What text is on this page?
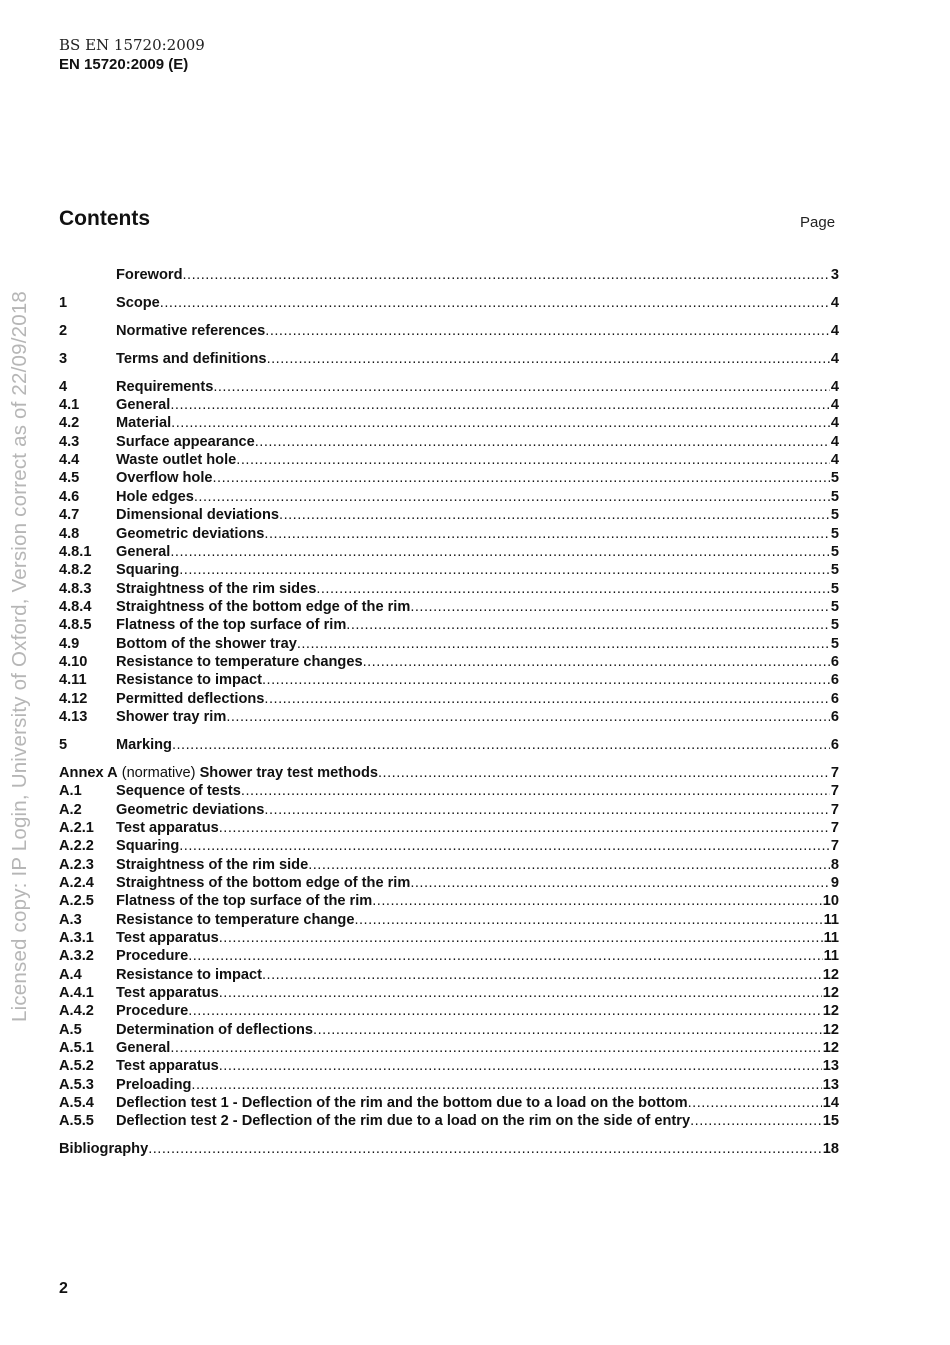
BS EN 15720:2009
EN 15720:2009 (E)
Licensed copy: IP Login, University of Oxford, Version correct as of 22/09/2018
Contents	Page
Foreword .....	3
1	Scope .....	4
2	Normative references .....	4
3	Terms and definitions .....	4
4	Requirements .....	4
4.1	General .....	4
4.2	Material .....	4
4.3	Surface appearance .....	4
4.4	Waste outlet hole .....	4
4.5	Overflow hole .....	5
4.6	Hole edges .....	5
4.7	Dimensional deviations .....	5
4.8	Geometric deviations .....	5
4.8.1	General .....	5
4.8.2	Squaring .....	5
4.8.3	Straightness of the rim sides .....	5
4.8.4	Straightness of the bottom edge of the rim .....	5
4.8.5	Flatness of the top surface of rim .....	5
4.9	Bottom of the shower tray .....	5
4.10	Resistance to temperature changes .....	6
4.11	Resistance to impact .....	6
4.12	Permitted deflections .....	6
4.13	Shower tray rim .....	6
5	Marking .....	6
Annex A (normative) Shower tray test methods .....	7
A.1	Sequence of tests .....	7
A.2	Geometric deviations .....	7
A.2.1	Test apparatus .....	7
A.2.2	Squaring .....	7
A.2.3	Straightness of the rim side .....	8
A.2.4	Straightness of the bottom edge of the rim .....	9
A.2.5	Flatness of the top surface of the rim .....	10
A.3	Resistance to temperature change .....	11
A.3.1	Test apparatus .....	11
A.3.2	Procedure .....	11
A.4	Resistance to impact .....	12
A.4.1	Test apparatus .....	12
A.4.2	Procedure .....	12
A.5	Determination of deflections .....	12
A.5.1	General .....	12
A.5.2	Test apparatus .....	13
A.5.3	Preloading .....	13
A.5.4	Deflection test 1 - Deflection of the rim and the bottom due to a load on the bottom .....	14
A.5.5	Deflection test 2 - Deflection of the rim due to a load on the rim on the side of entry .....	15
Bibliography .....	18
2
